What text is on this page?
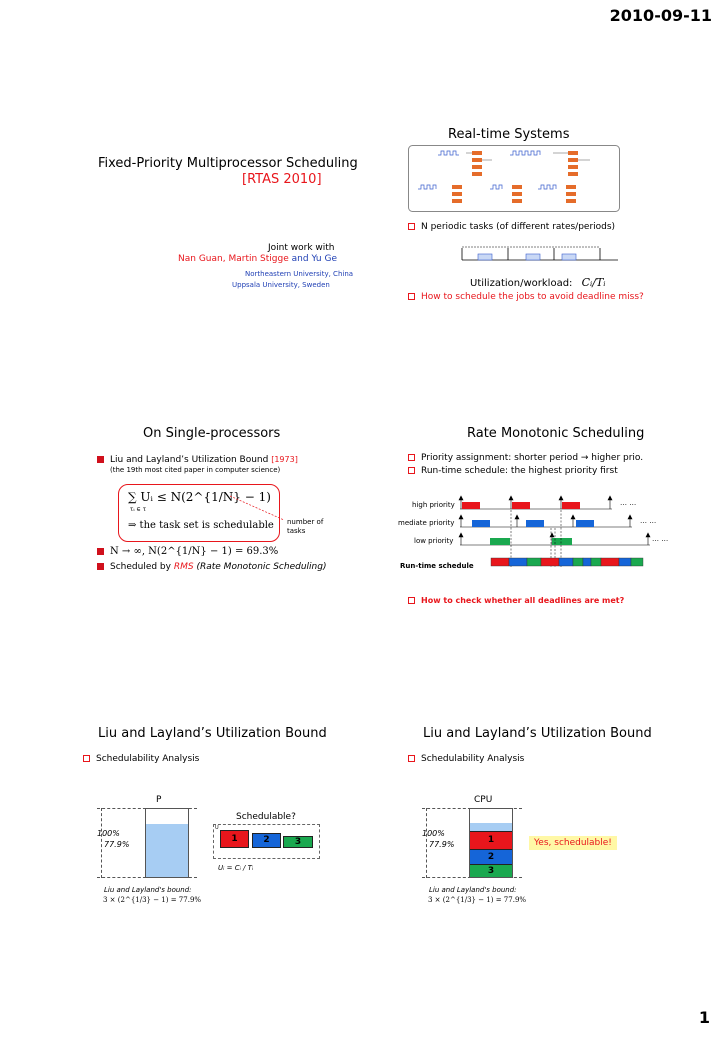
2010-09-11
1
Fixed-Priority Multiprocessor Scheduling
[RTAS 2010]
Joint work with
Nan Guan, Martin Stigge and Yu Ge
Northeastern University, China
Uppsala University, Sweden
Real-time Systems
N periodic tasks (of different rates/periods)
Utilization/workload: Cᵢ/Tᵢ
How to schedule the jobs to avoid deadline miss?
On Single-processors
Liu and Layland’s Utilization Bound [1973]
(the 19th most cited paper in computer science)
∑ Uᵢ ≤ N(2^{1/N} − 1)
τᵢ ∈ τ
⇒ the task set is schedulable number of
tasks
N → ∞, N(2^{1/N} − 1) = 69.3%
Scheduled by RMS (Rate Monotonic Scheduling)
Rate Monotonic Scheduling
Priority assignment: shorter period → higher prio.
Run-time schedule: the highest priority first
high priority
mediate priority
low priority
Run-time schedule
… …
… …
… …
How to check whether all deadlines are met?
Liu and Layland’s Utilization Bound
Schedulability Analysis
P
100%
77.9%
Schedulable?
U
1	2	3
Uᵢ = Cᵢ / Tᵢ
Liu and Layland's bound:
3 × (2^{1/3} − 1) = 77.9%
Liu and Layland’s Utilization Bound
Schedulability Analysis
CPU
1
2
3
100%
77.9%	Yes, schedulable!
Liu and Layland's bound:
3 × (2^{1/3} − 1) = 77.9%
